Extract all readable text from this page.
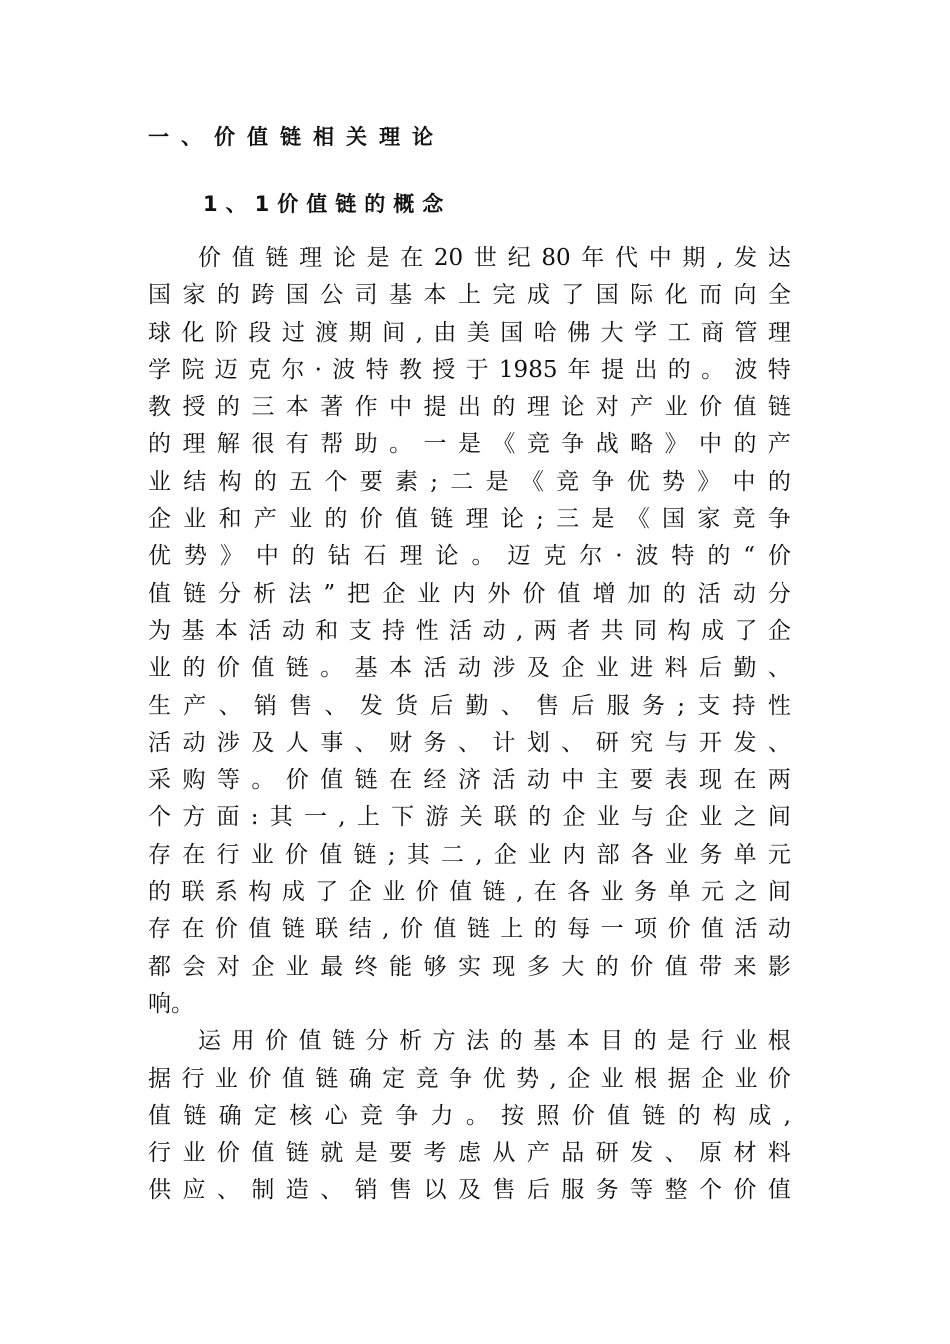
一、价值链相关理论
1、1价值链的概念
价 值 链 理 论 是 在 20 世 纪 80 年 代 中 期 , 发 达
国 家 的 跨 国 公 司 基 本 上 完 成 了 国 际 化 而 向 全
球 化 阶 段 过 渡 期 间 , 由 美 国 哈 佛 大 学 工 商 管 理
学 院 迈 克 尔 · 波 特 教 授 于 1985 年 提 出 的 。 波 特
教 授 的 三 本 著 作 中 提 出 的 理 论 对 产 业 价 值 链
的 理 解 很 有 帮 助 。 一 是 《 竞 争 战 略 》 中 的 产
业 结 构 的 五 个 要 素 ; 二 是 《 竞 争 优 势 》 中 的
企 业 和 产 业 的 价 值 链 理 论 ; 三 是 《 国 家 竞 争
优 势 》 中 的 钻 石 理 论 。 迈 克 尔 · 波 特 的 “ 价
值 链 分 析 法 ” 把 企 业 内 外 价 值 增 加 的 活 动 分
为 基 本 活 动 和 支 持 性 活 动 , 两 者 共 同 构 成 了 企
业 的 价 值 链 。 基 本 活 动 涉 及 企 业 进 料 后 勤 、
生 产 、 销 售 、 发 货 后 勤 、 售 后 服 务 ; 支 持 性
活 动 涉 及 人 事 、 财 务 、 计 划 、 研 究 与 开 发 、
采 购 等 。 价 值 链 在 经 济 活 动 中 主 要 表 现 在 两
个 方 面 : 其 一 , 上 下 游 关 联 的 企 业 与 企 业 之 间
存 在 行 业 价 值 链 ; 其 二 , 企 业 内 部 各 业 务 单 元
的 联 系 构 成 了 企 业 价 值 链 , 在 各 业 务 单 元 之 间
存 在 价 值 链 联 结 , 价 值 链 上 的 每 一 项 价 值 活 动
都 会 对 企 业 最 终 能 够 实 现 多 大 的 价 值 带 来 影
响 。
运 用 价 值 链 分 析 方 法 的 基 本 目 的 是 行 业 根
据 行 业 价 值 链 确 定 竞 争 优 势 , 企 业 根 据 企 业 价
值 链 确 定 核 心 竞 争 力 。 按 照 价 值 链 的 构 成 ,
行 业 价 值 链 就 是 要 考 虑 从 产 品 研 发 、 原 材 料
供 应 、 制 造 、 销 售 以 及 售 后 服 务 等 整 个 价 值
